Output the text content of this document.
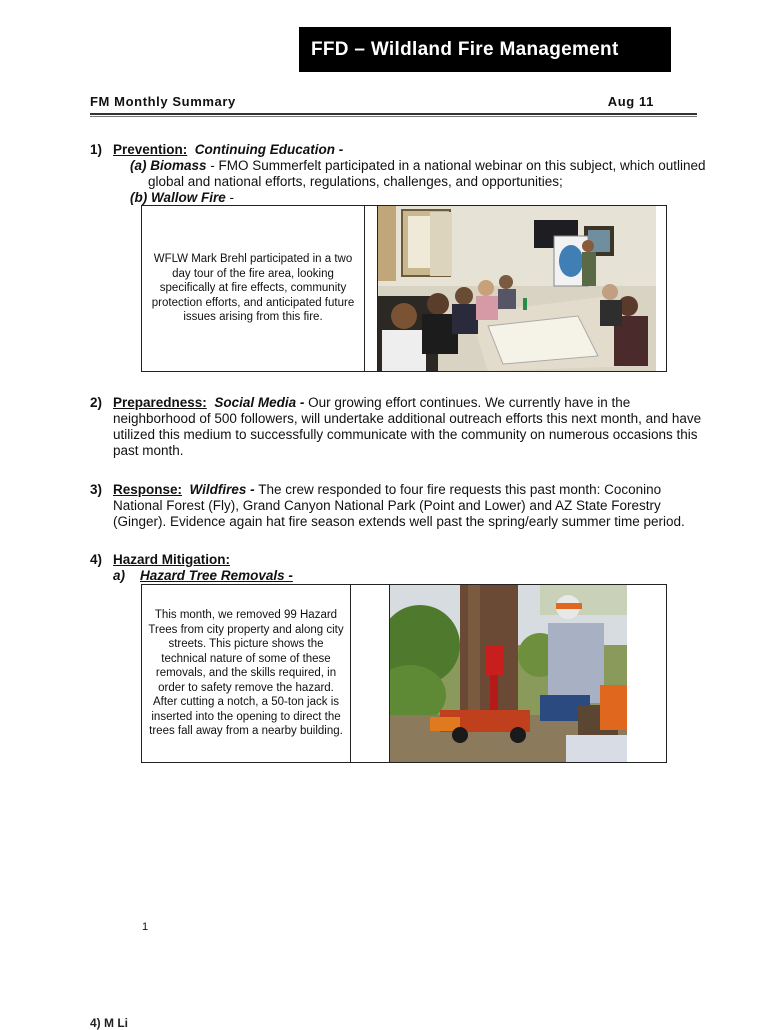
FFD – Wildland Fire Management
FM Monthly Summary	Aug 11
1) Prevention: Continuing Education -
(a) Biomass - FMO Summerfelt participated in a national webinar on this subject, which outlined
global and national efforts, regulations, challenges, and opportunities;
(b) Wallow Fire -
WFLW Mark Brehl participated in a two day tour of the fire area, looking specifically at fire effects, community protection efforts, and anticipated future issues arising from this fire.

2) Preparedness: Social Media - Our growing effort continues. We currently have in the
neighborhood of 500 followers, will undertake additional outreach efforts this next month, and have
utilized this medium to successfully communicate with the community on numerous occasions this
past month.
3) Response: Wildfires - The crew responded to four fire requests this past month: Coconino
National Forest (Fly), Grand Canyon National Park (Point and Lower) and AZ State Forestry
(Ginger). Evidence again hat fire season extends well past the spring/early summer time period.
4) Hazard Mitigation:
a) Hazard Tree Removals -
This month, we removed 99 Hazard Trees from city property and along city streets. This picture shows the technical nature of some of these removals, and the skills required, in order to safety remove the hazard. After cutting a notch, a 50-ton jack is inserted into the opening to direct the trees fall away from a nearby building.

1
4) M Li
